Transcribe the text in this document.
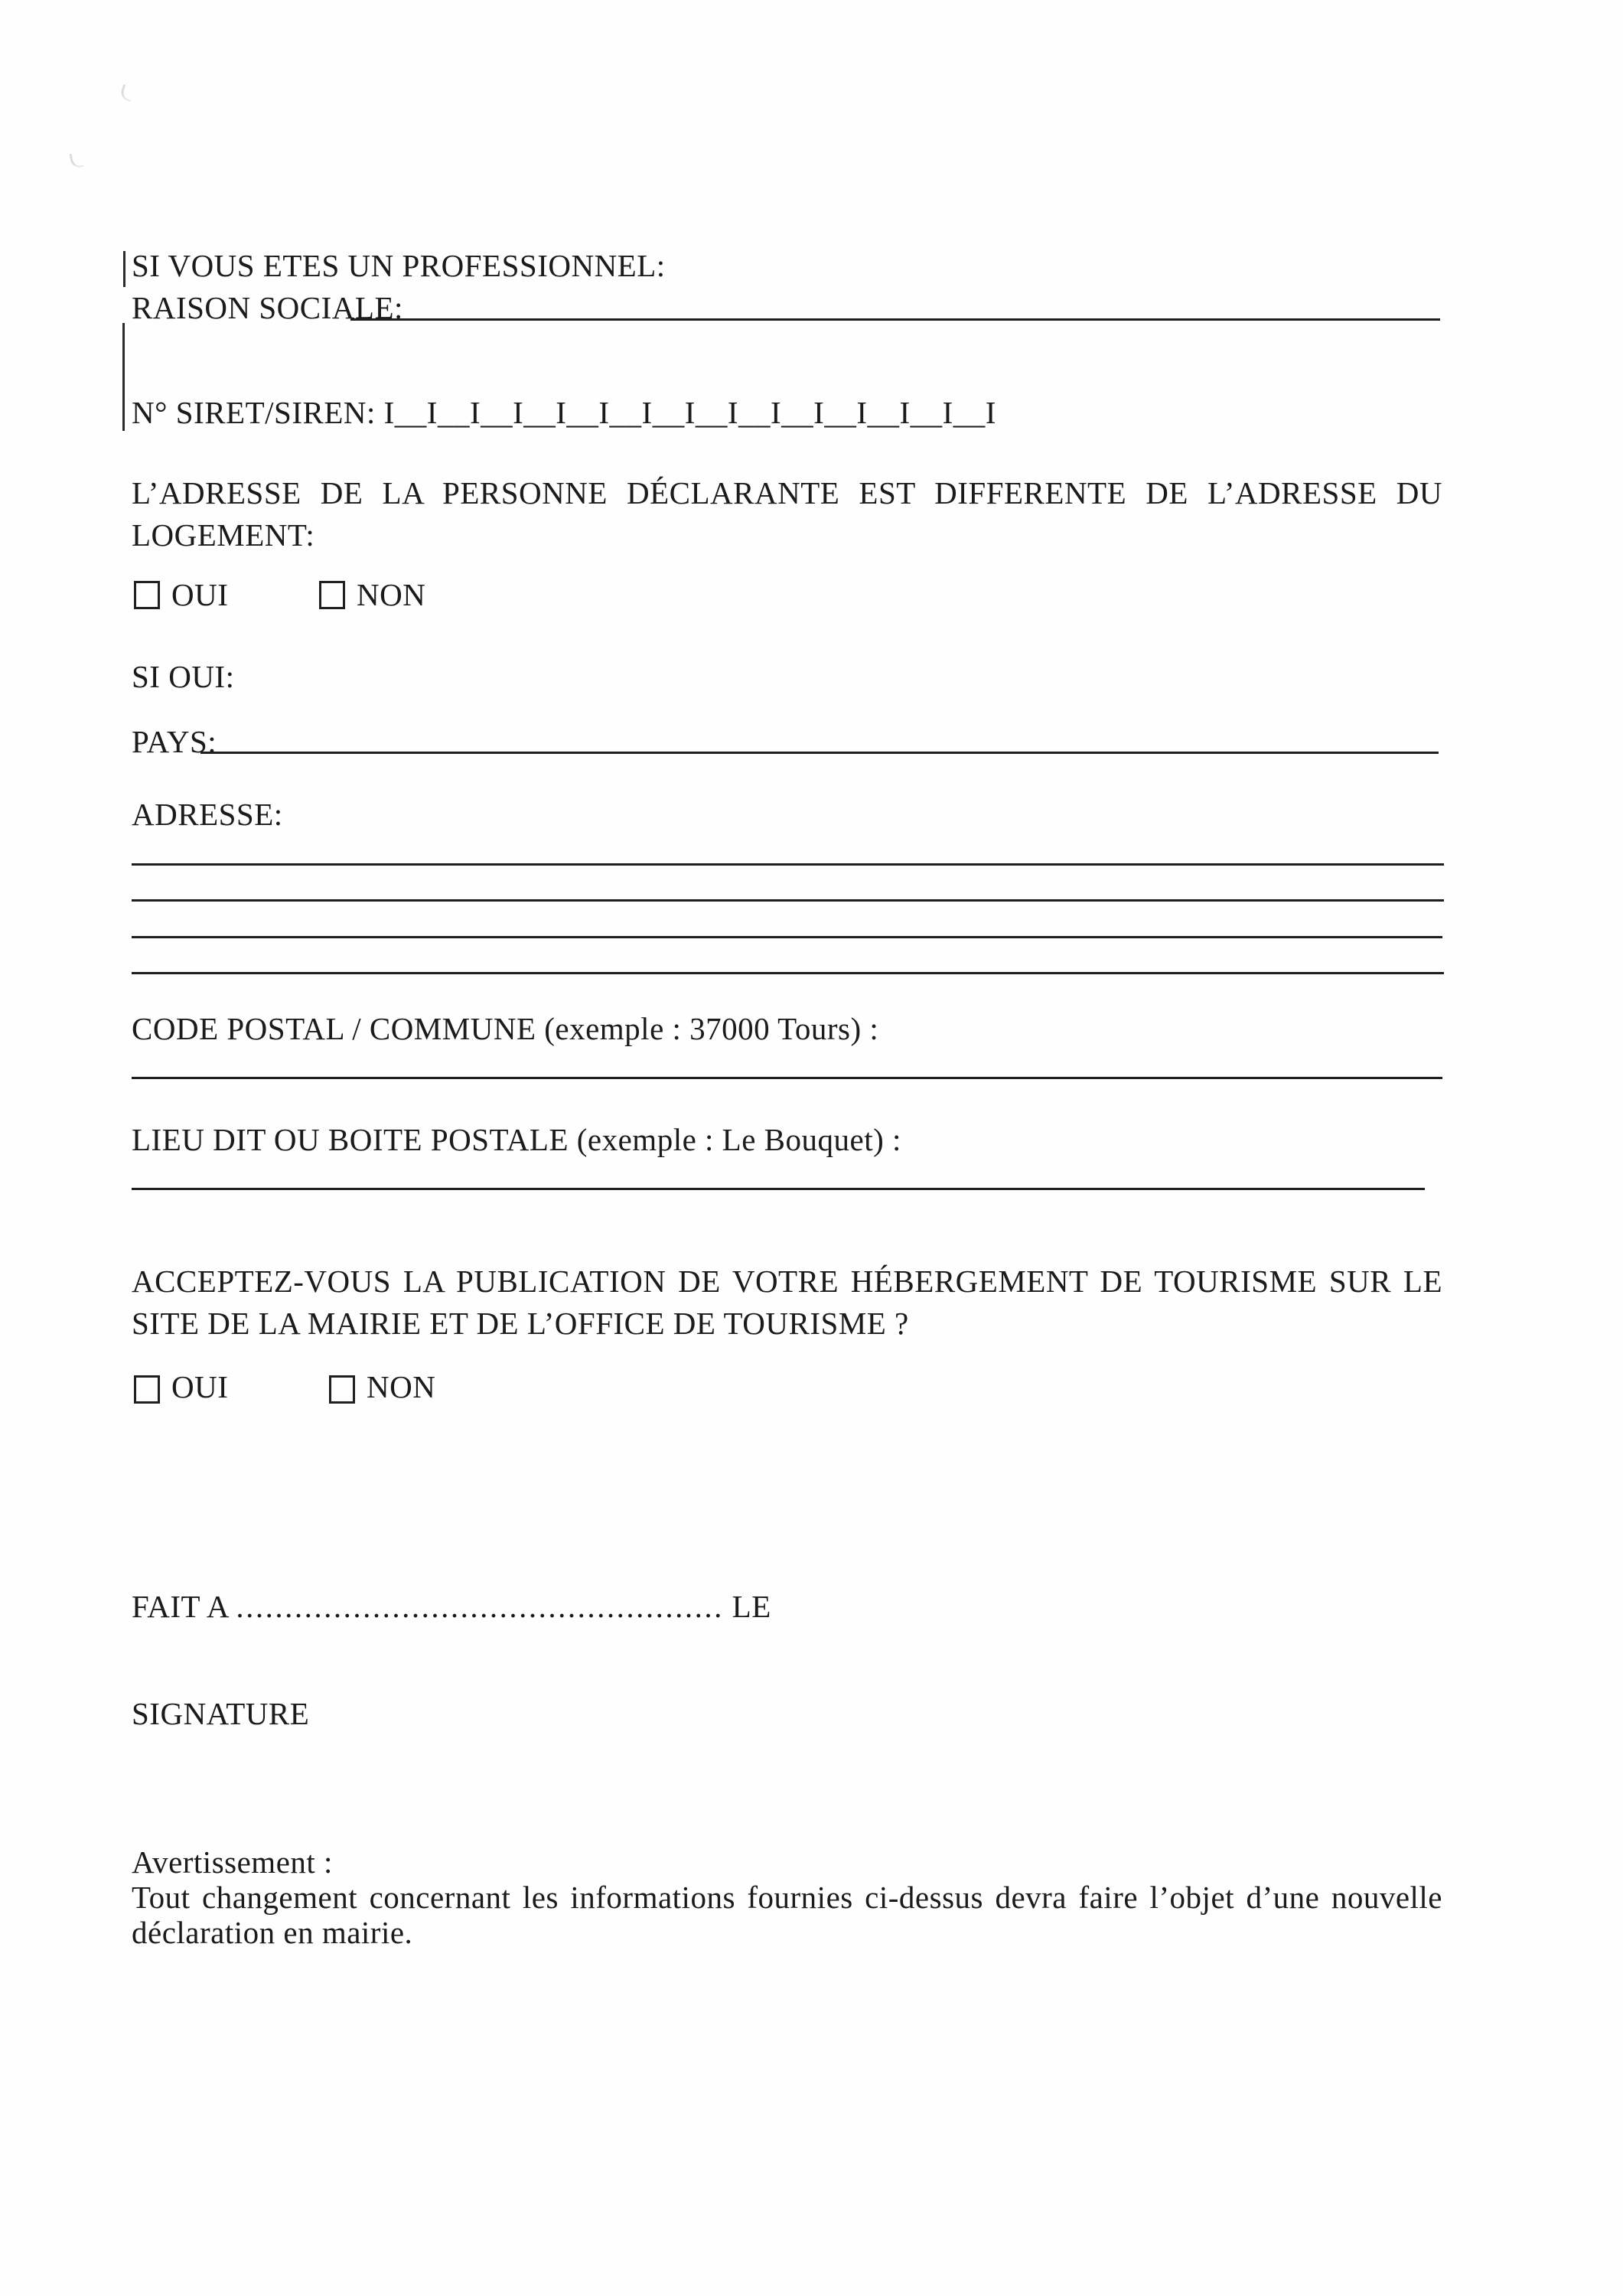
SI VOUS ETES UN PROFESSIONNEL:
RAISON SOCIALE:
N° SIRET/SIREN: I__I__I__I__I__I__I__I__I__I__I__I__I__I__I
L’ADRESSE DE LA PERSONNE DÉCLARANTE EST DIFFERENTE DE L’ADRESSE DU
LOGEMENT:
OUI	NON
SI OUI:
PAYS:
ADRESSE:
CODE POSTAL / COMMUNE (exemple : 37000 Tours) :
LIEU DIT OU BOITE POSTALE (exemple : Le Bouquet) :
ACCEPTEZ-VOUS LA PUBLICATION DE VOTRE HÉBERGEMENT DE TOURISME SUR LE
SITE DE LA MAIRIE ET DE L’OFFICE DE TOURISME ?
OUI	NON
FAIT A .................................................. LE
SIGNATURE
Avertissement :
Tout changement concernant les informations fournies ci-dessus devra faire l’objet d’une nouvelle
déclaration en mairie.
